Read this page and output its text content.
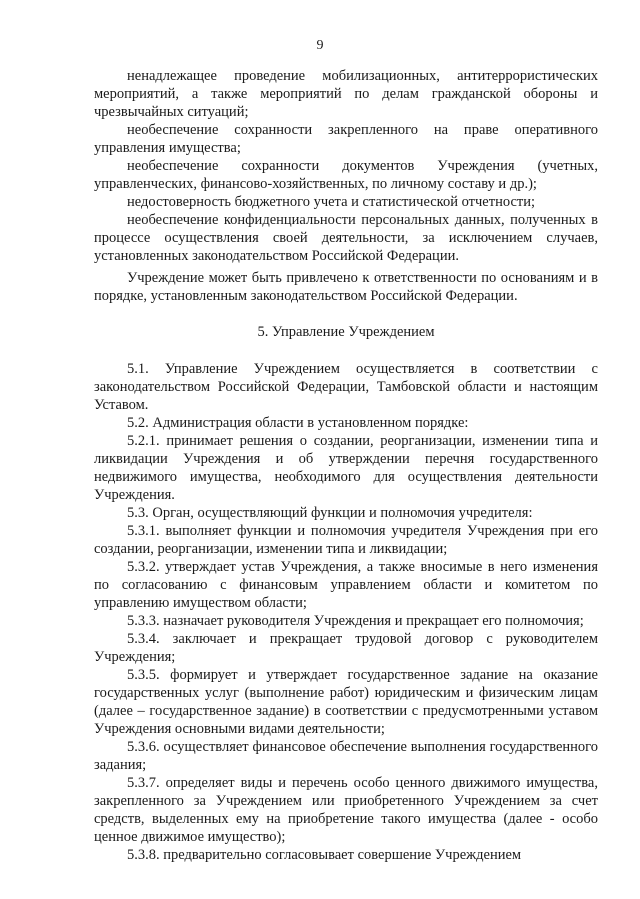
9

ненадлежащее проведение мобилизационных, антитеррористических мероприятий, а также мероприятий по делам гражданской обороны и чрезвычайных ситуаций;

необеспечение сохранности закрепленного на праве оперативного управления имущества;

необеспечение сохранности документов Учреждения (учетных, управленческих, финансово-хозяйственных, по личному составу и др.);

недостоверность бюджетного учета и статистической отчетности;

необеспечение конфиденциальности персональных данных, полученных в процессе осуществления своей деятельности, за исключением случаев, установленных законодательством Российской Федерации.

Учреждение может быть привлечено к ответственности по основаниям и в порядке, установленным законодательством Российской Федерации.

5. Управление Учреждением

5.1. Управление Учреждением осуществляется в соответствии с законодательством Российской Федерации, Тамбовской области и настоящим Уставом.

5.2. Администрация области в установленном порядке:

5.2.1. принимает решения о создании, реорганизации, изменении типа и ликвидации Учреждения и об утверждении перечня государственного недвижимого имущества, необходимого для осуществления деятельности Учреждения.

5.3. Орган, осуществляющий функции и полномочия учредителя:

5.3.1. выполняет функции и полномочия учредителя Учреждения при его создании, реорганизации, изменении типа и ликвидации;

5.3.2. утверждает устав Учреждения, а также вносимые в него изменения по согласованию с финансовым управлением области и комитетом по управлению имуществом области;

5.3.3. назначает руководителя Учреждения и прекращает его полномочия;

5.3.4. заключает и прекращает трудовой договор с руководителем Учреждения;

5.3.5. формирует и утверждает государственное задание на оказание государственных услуг (выполнение работ) юридическим и физическим лицам (далее – государственное задание) в соответствии с предусмотренными уставом Учреждения основными видами деятельности;

5.3.6. осуществляет финансовое обеспечение выполнения государственного задания;

5.3.7. определяет виды и перечень особо ценного движимого имущества, закрепленного за Учреждением или приобретенного Учреждением за счет средств, выделенных ему на приобретение такого имущества (далее - особо ценное движимое имущество);

5.3.8. предварительно согласовывает совершение Учреждением
